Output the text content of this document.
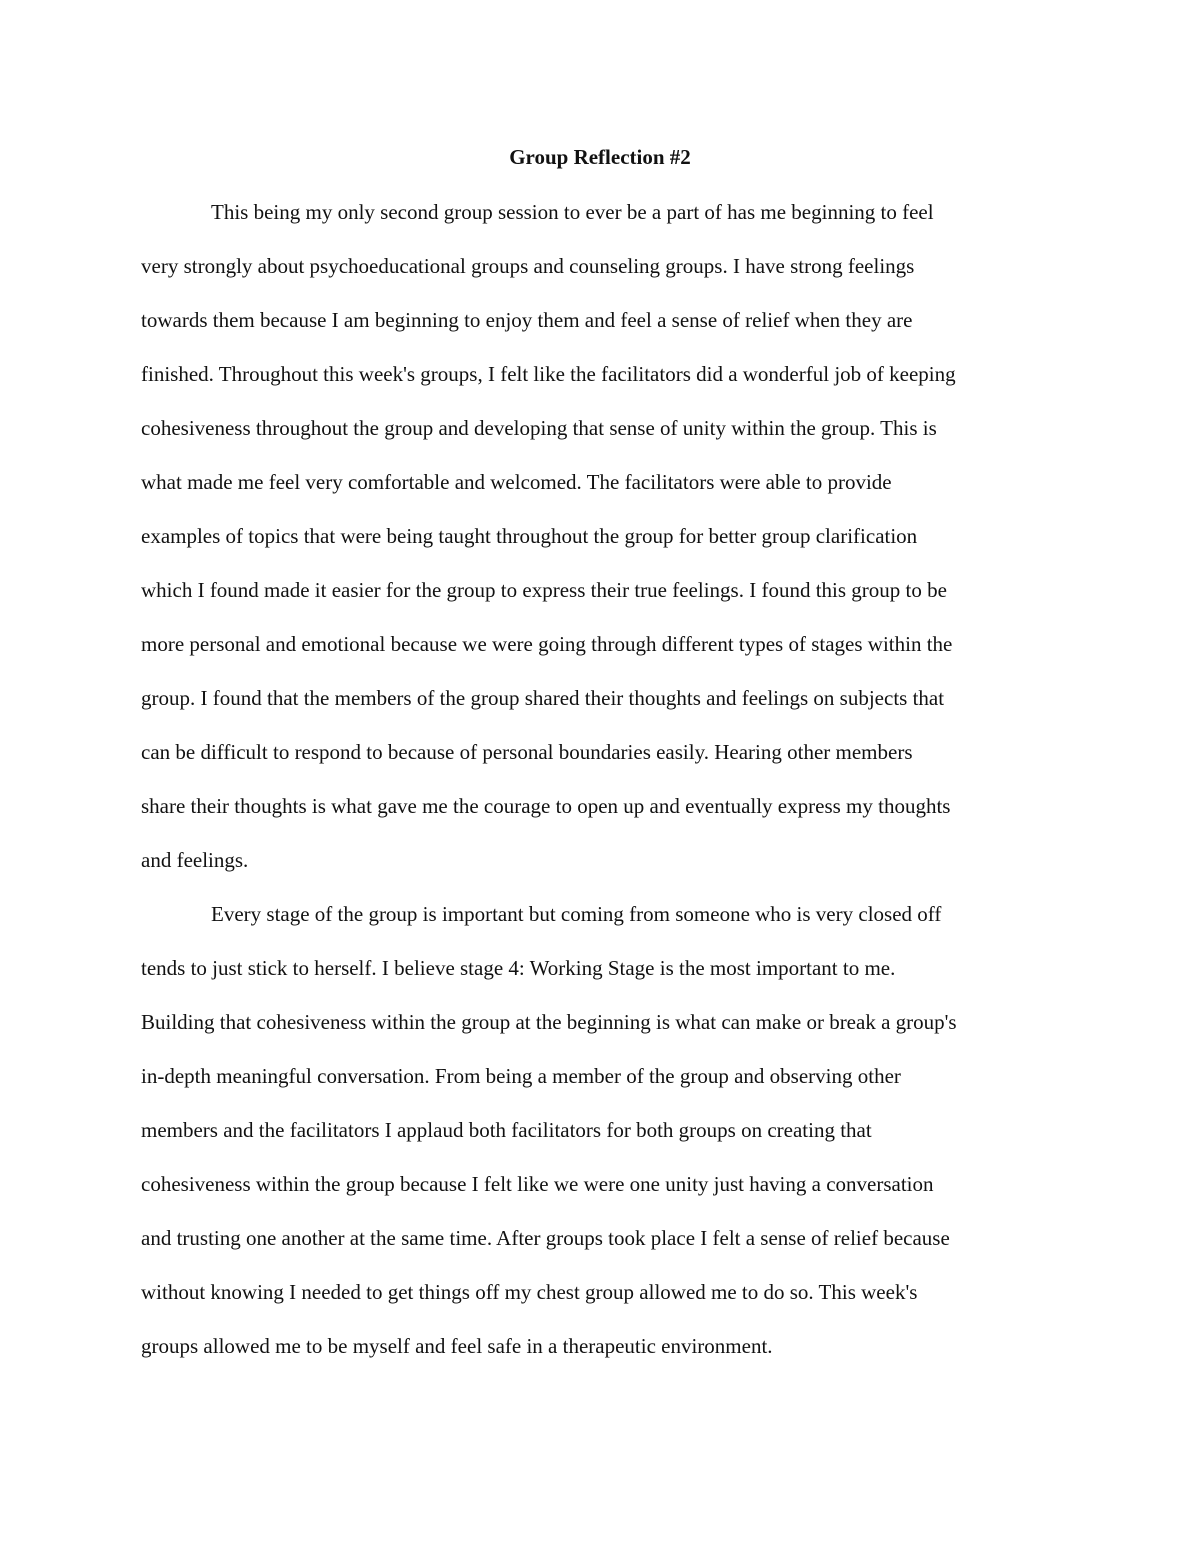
Group Reflection #2

This being my only second group session to ever be a part of has me beginning to feel

very strongly about psychoeducational groups and counseling groups. I have strong feelings

towards them because I am beginning to enjoy them and feel a sense of relief when they are

finished. Throughout this week's groups, I felt like the facilitators did a wonderful job of keeping

cohesiveness throughout the group and developing that sense of unity within the group. This is

what made me feel very comfortable and welcomed. The facilitators were able to provide

examples of topics that were being taught throughout the group for better group clarification

which I found made it easier for the group to express their true feelings. I found this group to be

more personal and emotional because we were going through different types of stages within the

group. I found that the members of the group shared their thoughts and feelings on subjects that

can be difficult to respond to because of personal boundaries easily. Hearing other members

share their thoughts is what gave me the courage to open up and eventually express my thoughts

and feelings.

Every stage of the group is important but coming from someone who is very closed off

tends to just stick to herself. I believe stage 4: Working Stage is the most important to me.

Building that cohesiveness within the group at the beginning is what can make or break a group's

in-depth meaningful conversation. From being a member of the group and observing other

members and the facilitators I applaud both facilitators for both groups on creating that

cohesiveness within the group because I felt like we were one unity just having a conversation

and trusting one another at the same time. After groups took place I felt a sense of relief because

without knowing I needed to get things off my chest group allowed me to do so. This week's

groups allowed me to be myself and feel safe in a therapeutic environment.
